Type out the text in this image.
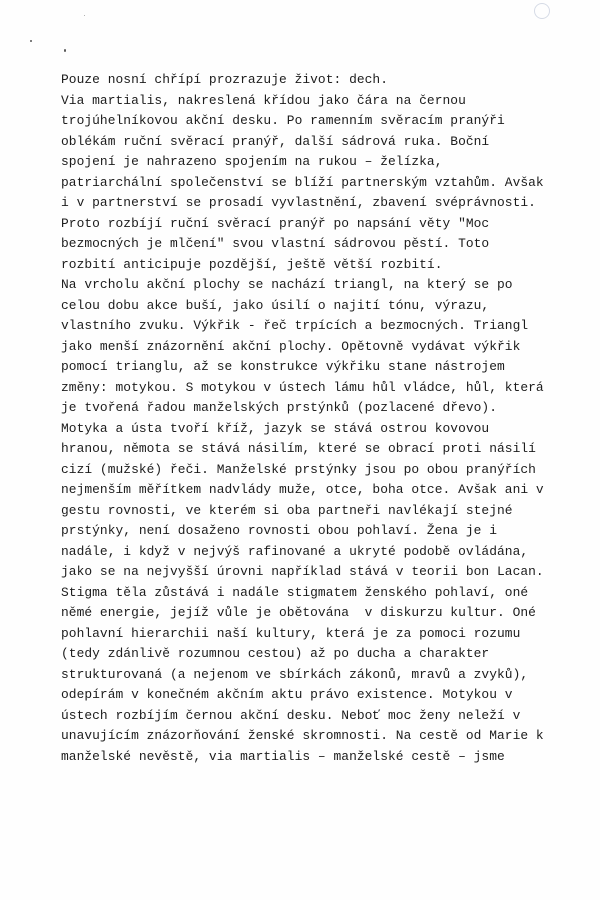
Pouze nosní chřípí prozrazuje život: dech.
Via martialis, nakreslená křídou jako čára na černou
trojúhelníkovou akční desku. Po ramenním svěracím pranýři
oblékám ruční svěrací pranýř, další sádrová ruka. Boční
spojení je nahrazeno spojením na rukou – želízka,
patriarchální společenství se blíží partnerským vztahům. Avšak
i v partnerství se prosadí vyvlastnění, zbavení svéprávnosti.
Proto rozbíjí ruční svěrací pranýř po napsání věty "Moc
bezmocných je mlčení" svou vlastní sádrovou pěstí. Toto
rozbití anticipuje pozdější, ještě větší rozbití.
Na vrcholu akční plochy se nachází triangl, na který se po
celou dobu akce buší, jako úsilí o najití tónu, výrazu,
vlastního zvuku. Výkřik - řeč trpících a bezmocných. Triangl
jako menší znázornění akční plochy. Opětovně vydávat výkřik
pomocí trianglu, až se konstrukce výkřiku stane nástrojem
změny: motykou. S motykou v ústech lámu hůl vládce, hůl, která
je tvořená řadou manželských prstýnků (pozlacené dřevo).
Motyka a ústa tvoří kříž, jazyk se stává ostrou kovovou
hranou, němota se stává násilím, které se obrací proti násilí
cizí (mužské) řeči. Manželské prstýnky jsou po obou pranýřích
nejmenším měřítkem nadvlády muže, otce, boha otce. Avšak ani v
gestu rovnosti, ve kterém si oba partneři navlékají stejné
prstýnky, není dosaženo rovnosti obou pohlaví. Žena je i
nadále, i když v nejvýš rafinované a ukryté podobě ovládána,
jako se na nejvyšší úrovni například stává v teorii bon Lacan.
Stigma těla zůstává i nadále stigmatem ženského pohlaví, oné
němé energie, jejíž vůle je obětována  v diskurzu kultur. Oné
pohlavní hierarchii naší kultury, která je za pomoci rozumu
(tedy zdánlivě rozumnou cestou) až po ducha a charakter
strukturovaná (a nejenom ve sbírkách zákonů, mravů a zvyků),
odepírám v konečném akčním aktu právo existence. Motykou v
ústech rozbíjím černou akční desku. Neboť moc ženy neleží v
unavujícím znázorňování ženské skromnosti. Na cestě od Marie k
manželské nevěstě, via martialis – manželské cestě – jsme
